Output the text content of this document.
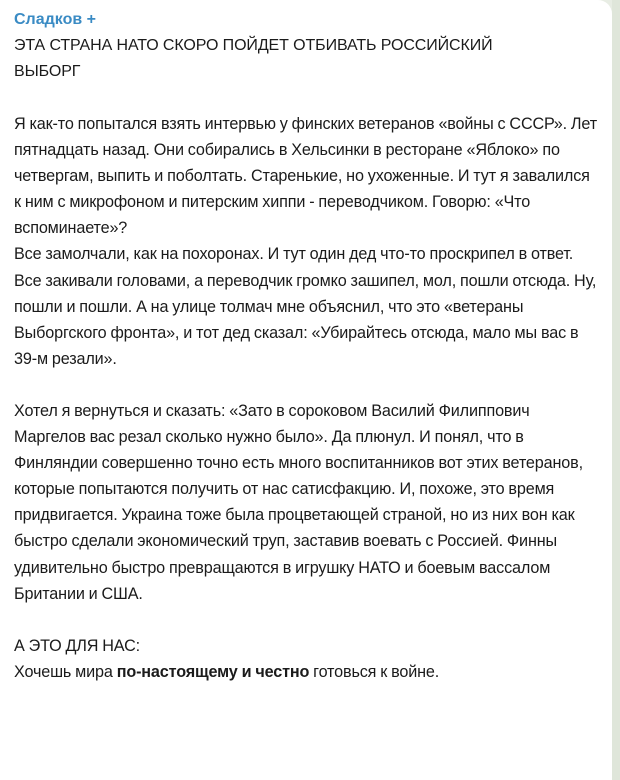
Сладков +

ЭТА СТРАНА НАТО СКОРО ПОЙДЕТ ОТБИВАТЬ РОССИЙСКИЙ ВЫБОРГ

Я как-то попытался взять интервью у финских ветеранов «войны с СССР». Лет пятнадцать назад. Они собирались в Хельсинки в ресторане «Яблоко» по четвергам, выпить и поболтать. Старенькие, но ухоженные. И тут я завалился к ним с микрофоном и питерским хиппи - переводчиком. Говорю: «Что вспоминаете»?

Все замолчали, как на похоронах. И тут один дед что-то проскрипел в ответ. Все закивали головами, а переводчик громко зашипел, мол, пошли отсюда. Ну, пошли и пошли. А на улице толмач мне объяснил, что это «ветераны Выборгского фронта», и тот дед сказал: «Убирайтесь отсюда, мало мы вас в 39-м резали».

Хотел я вернуться и сказать: «Зато в сороковом Василий Филиппович Маргелов вас резал сколько нужно было». Да плюнул. И понял, что в Финляндии совершенно точно есть много воспитанников вот этих ветеранов, которые попытаются получить от нас сатисфакцию. И, похоже, это время придвигается. Украина тоже была процветающей страной, но из них вон как быстро сделали экономический труп, заставив воевать с Россией. Финны удивительно быстро превращаются в игрушку НАТО и боевым вассалом Британии и США.

А ЭТО ДЛЯ НАС:

Хочешь мира по-настоящему и честно готовься к войне.
